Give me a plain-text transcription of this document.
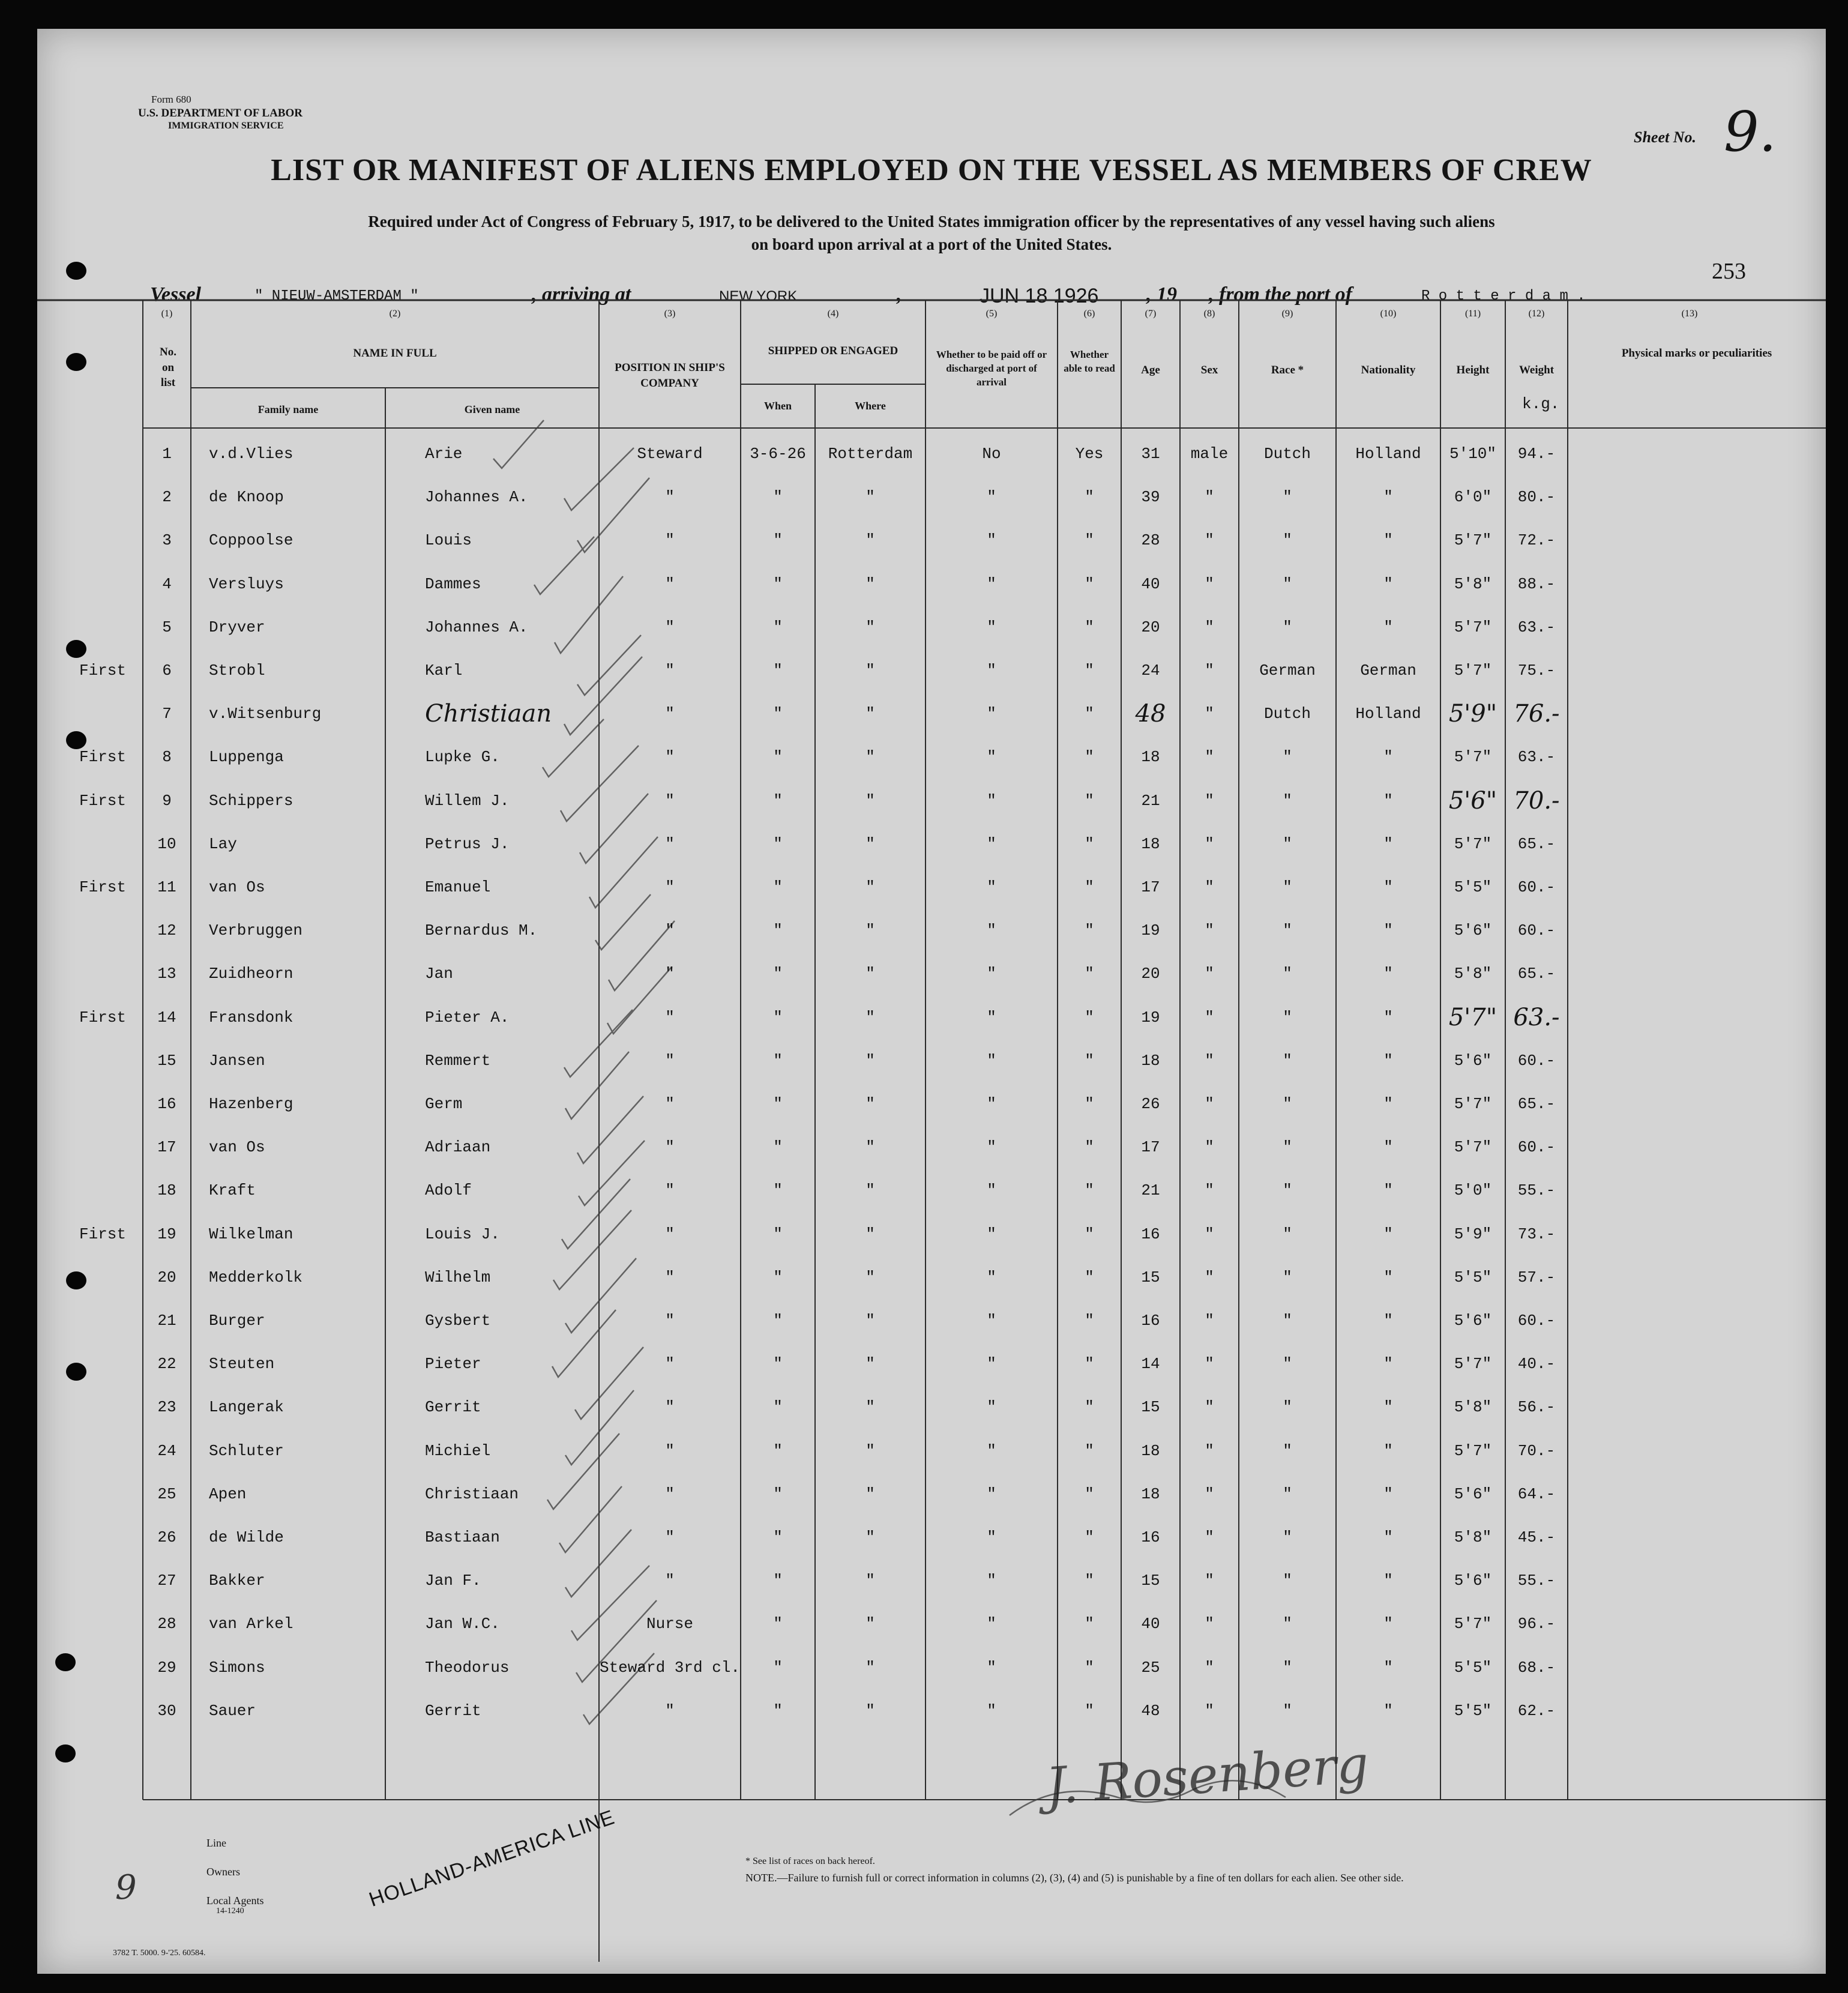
Form 680
U.S. DEPARTMENT OF LABOR
IMMIGRATION SERVICE
Sheet No. 9.
LIST OR MANIFEST OF ALIENS EMPLOYED ON THE VESSEL AS MEMBERS OF CREW
Required under Act of Congress of February 5, 1917, to be delivered to the United States immigration officer by the representatives of any vessel having such aliens
on board upon arrival at a port of the United States.
253
Vessel	" NIEUW-AMSTERDAM "	, arriving at	NEW YORK	,	JUN 18 1926 , 19 , from the port of	R o t t e r d a m .
(1)	(2)	(3)	(4)	(5)	(6)	(7)	(8)	(9)	(10)	(11)	(12)	(13)
No. on list
NAME IN FULL
Family name	Given name
POSITION IN SHIP'S COMPANY
SHIPPED OR ENGAGED
When	Where
Whether to be paid off or discharged at port of arrival
Whether able to read	Age	Sex	Race *	Nationality	Height	Weight
k.g.
Physical marks or peculiarities
1	v.d.Vlies	Arie	Steward	3-6-26	Rotterdam	No	Yes	31	male	Dutch	Holland	5'10"	94.-
2	de Knoop	Johannes A.	"	"	"	"	"	39	"	"	"	6'0"	80.-
3	Coppoolse	Louis	"	"	"	"	"	28	"	"	"	5'7"	72.-
4	Versluys	Dammes	"	"	"	"	"	40	"	"	"	5'8"	88.-
5	Dryver	Johannes A.	"	"	"	"	"	20	"	"	"	5'7"	63.-
First	6	Strobl	Karl	"	"	"	"	"	24	"	German	German	5'7"	75.-
7	v.Witsenburg	Christiaan	"	"	"	"	"	48	"	Dutch	Holland	5'9" 76.-
First	8	Luppenga	Lupke G.	"	"	"	"	"	18	"	"	"	5'7"	63.-
First	9	Schippers	Willem J.	"	"	"	"	"	21	"	"	"	5'6" 70.-
10	Lay	Petrus J.	"	"	"	"	"	18	"	"	"	5'7"	65.-
First	11	van Os	Emanuel	"	"	"	"	"	17	"	"	"	5'5"	60.-
12	Verbruggen	Bernardus M.	"	"	"	"	"	19	"	"	"	5'6"	60.-
13	Zuidheorn	Jan	"	"	"	"	"	20	"	"	"	5'8"	65.-
First	14	Fransdonk	Pieter A.	"	"	"	"	"	19	"	"	"	5'7" 63.-
15	Jansen	Remmert	"	"	"	"	"	18	"	"	"	5'6"	60.-
16	Hazenberg	Germ	"	"	"	"	"	26	"	"	"	5'7"	65.-
17	van Os	Adriaan	"	"	"	"	"	17	"	"	"	5'7"	60.-
18	Kraft	Adolf	"	"	"	"	"	21	"	"	"	5'0"	55.-
First	19	Wilkelman	Louis J.	"	"	"	"	"	16	"	"	"	5'9"	73.-
20	Medderkolk	Wilhelm	"	"	"	"	"	15	"	"	"	5'5"	57.-
21	Burger	Gysbert	"	"	"	"	"	16	"	"	"	5'6"	60.-
22	Steuten	Pieter	"	"	"	"	"	14	"	"	"	5'7"	40.-
23	Langerak	Gerrit	"	"	"	"	"	15	"	"	"	5'8"	56.-
24	Schluter	Michiel	"	"	"	"	"	18	"	"	"	5'7"	70.-
25	Apen	Christiaan	"	"	"	"	"	18	"	"	"	5'6"	64.-
26	de Wilde	Bastiaan	"	"	"	"	"	16	"	"	"	5'8"	45.-
27	Bakker	Jan F.	"	"	"	"	"	15	"	"	"	5'6"	55.-
28	van Arkel	Jan W.C.	Nurse	"	"	"	"	40	"	"	"	5'7"	96.-
29	Simons	Theodorus	Steward 3rd cl.	"	"	"	"	25	"	"	"	5'5"	68.-
30	Sauer	Gerrit	"	"	"	"	"	48	"	"	"	5'5"	62.-
Line
Owners
Local Agents
14-1240
3782 T. 5000. 9-'25. 60584.
* See list of races on back hereof.
NOTE.—Failure to furnish full or correct information in columns (2), (3), (4) and (5) is punishable by a fine of ten dollars for each alien. See other side.
HOLLAND-AMERICA LINE
J. Rosenberg
9
